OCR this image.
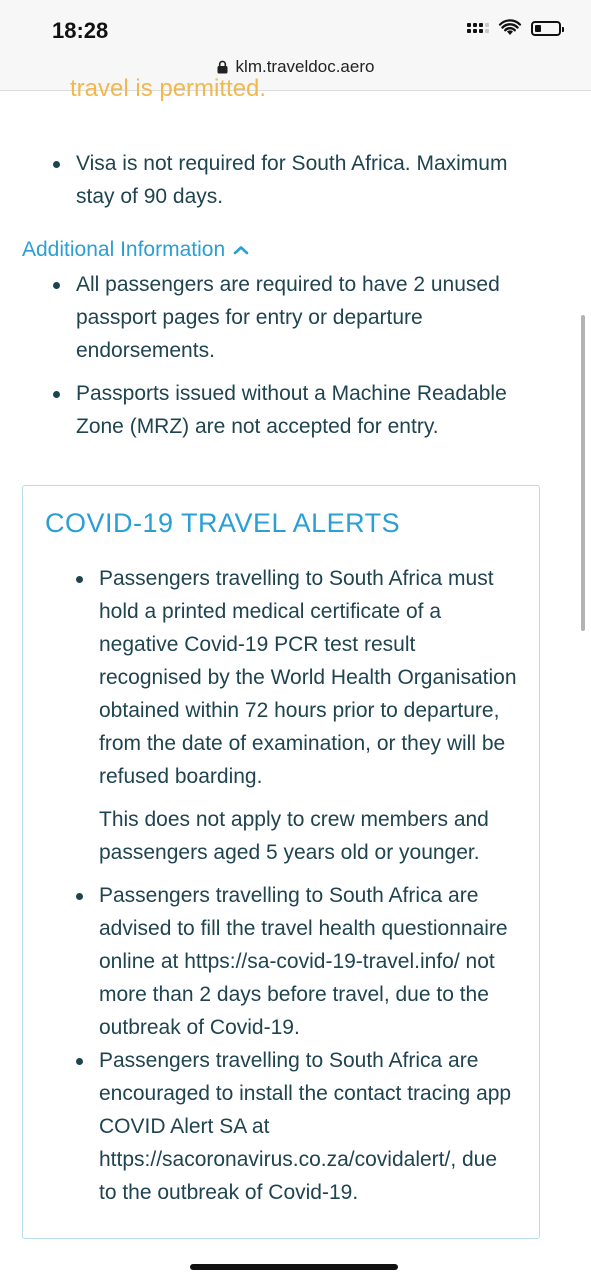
18:28
klm.traveldoc.aero
travel is permitted.
Visa is not required for South Africa. Maximum stay of 90 days.
Additional Information
All passengers are required to have 2 unused passport pages for entry or departure endorsements.
Passports issued without a Machine Readable Zone (MRZ) are not accepted for entry.
COVID-19 TRAVEL ALERTS
Passengers travelling to South Africa must hold a printed medical certificate of a negative Covid-19 PCR test result recognised by the World Health Organisation obtained within 72 hours prior to departure, from the date of examination, or they will be refused boarding.
This does not apply to crew members and passengers aged 5 years old or younger.
Passengers travelling to South Africa are advised to fill the travel health questionnaire online at https://sa-covid-19-travel.info/ not more than 2 days before travel, due to the outbreak of Covid-19.
Passengers travelling to South Africa are encouraged to install the contact tracing app COVID Alert SA at https://sacoronavirus.co.za/covidalert/, due to the outbreak of Covid-19.
